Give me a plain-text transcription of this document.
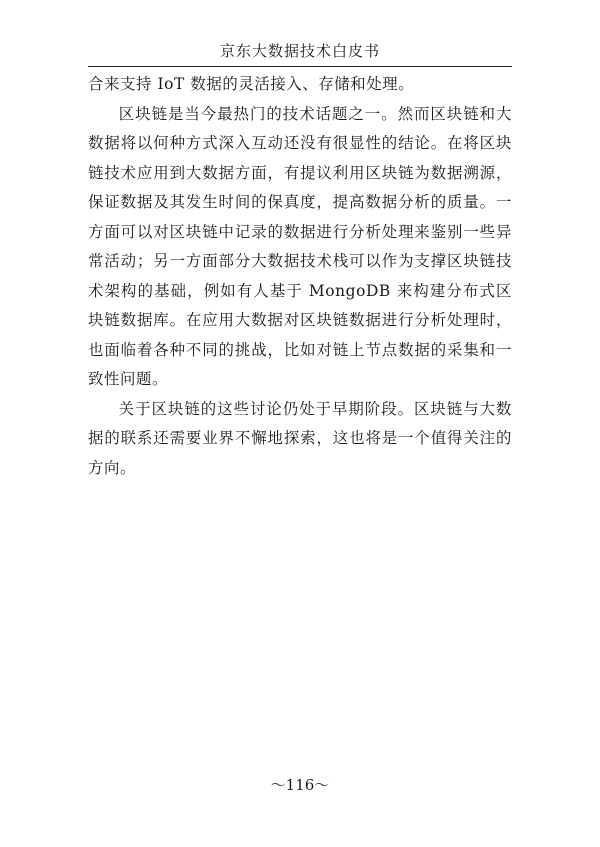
京东大数据技术白皮书

合来支持 IoT 数据的灵活接入、存储和处理。

区块链是当今最热门的技术话题之一。然而区块链和大数据将以何种方式深入互动还没有很显性的结论。在将区块链技术应用到大数据方面，有提议利用区块链为数据溯源，保证数据及其发生时间的保真度，提高数据分析的质量。一方面可以对区块链中记录的数据进行分析处理来鉴别一些异常活动；另一方面部分大数据技术栈可以作为支撑区块链技术架构的基础，例如有人基于 MongoDB 来构建分布式区块链数据库。在应用大数据对区块链数据进行分析处理时，也面临着各种不同的挑战，比如对链上节点数据的采集和一致性问题。

关于区块链的这些讨论仍处于早期阶段。区块链与大数据的联系还需要业界不懈地探索，这也将是一个值得关注的方向。

～116～
